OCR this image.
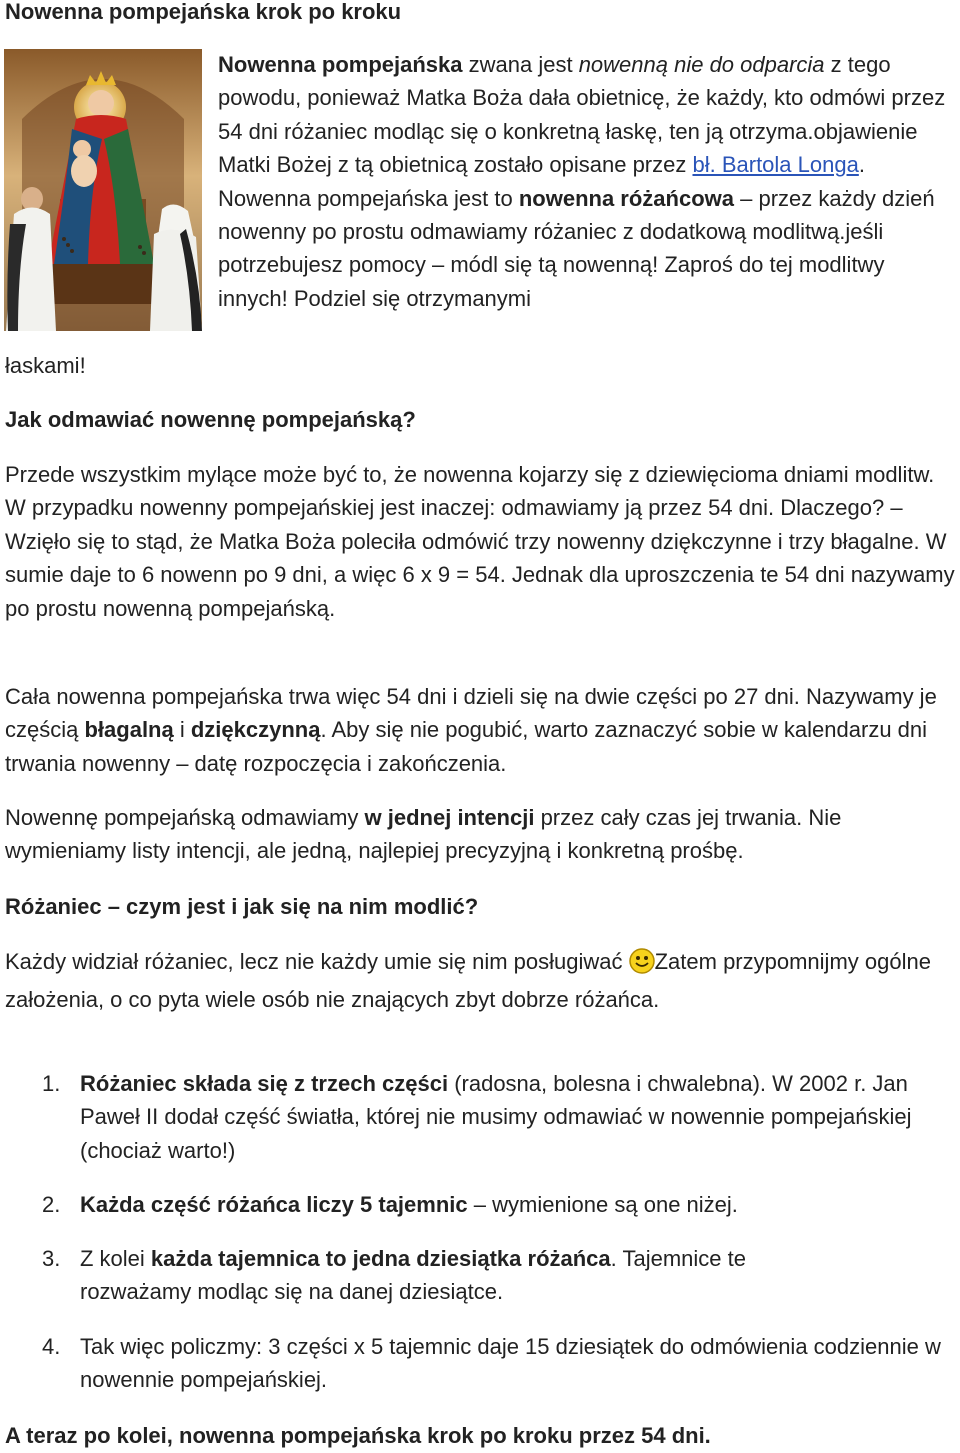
Nowenna pompejańska krok po kroku
Nowenna pompejańska zwana jest nowenną nie do odparcia z tego powodu, ponieważ Matka Boża dała obietnicę, że każdy, kto odmówi przez 54 dni różaniec modląc się o konkretną łaskę, ten ją otrzyma.objawienie Matki Bożej z tą obietnicą zostało opisane przez bł. Bartola Longa. Nowenna pompejańska jest to nowenna różańcowa – przez każdy dzień nowenny po prostu odmawiamy różaniec z dodatkową modlitwą.jeśli potrzebujesz pomocy – módl się tą nowenną! Zaproś do tej modlitwy innych! Podziel się otrzymanymi
Jak odmawiać nowennę pompejańską?

Przede wszystkim mylące może być to, że nowenna kojarzy się z dziewięcioma dniami modlitw. W przypadku nowenny pompejańskiej jest inaczej: odmawiamy ją przez 54 dni. Dlaczego? – Wzięło się to stąd, że Matka Boża poleciła odmówić trzy nowenny dziękczynne i trzy błagalne. W sumie daje to 6 nowenn po 9 dni, a więc 6 x 9 = 54. Jednak dla uproszczenia te 54 dni nazywamy po prostu nowenną pompejańską.

Cała nowenna pompejańska trwa więc 54 dni i dzieli się na dwie części po 27 dni. Nazywamy je częścią błagalną i dziękczynną. Aby się nie pogubić, warto zaznaczyć sobie w kalendarzu dni trwania nowenny – datę rozpoczęcia i zakończenia.

Nowennę pompejańską odmawiamy w jednej intencji przez cały czas jej trwania. Nie wymieniamy listy intencji, ale jedną, najlepiej precyzyjną i konkretną prośbę.

Różaniec – czym jest i jak się na nim modlić?

Każdy widział różaniec, lecz nie każdy umie się nim posługiwać Zatem przypomnijmy ogólne założenia, o co pyta wiele osób nie znających zbyt dobrze różańca.

1. Różaniec składa się z trzech części (radosna, bolesna i chwalebna). W 2002 r. Jan Paweł II dodał część światła, której nie musimy odmawiać w nowennie pompejańskiej (chociaż warto!)
2. Każda część różańca liczy 5 tajemnic – wymienione są one niżej.
3. Z kolei każda tajemnica to jedna dziesiątka różańca. Tajemnice te rozważamy modląc się na danej dziesiątce.
4. Tak więc policzmy: 3 części x 5 tajemnic daje 15 dziesiątek do odmówienia codziennie w nowennie pompejańskiej.
A teraz po kolei, nowenna pompejańska krok po kroku przez 54 dni.
łaskami!
